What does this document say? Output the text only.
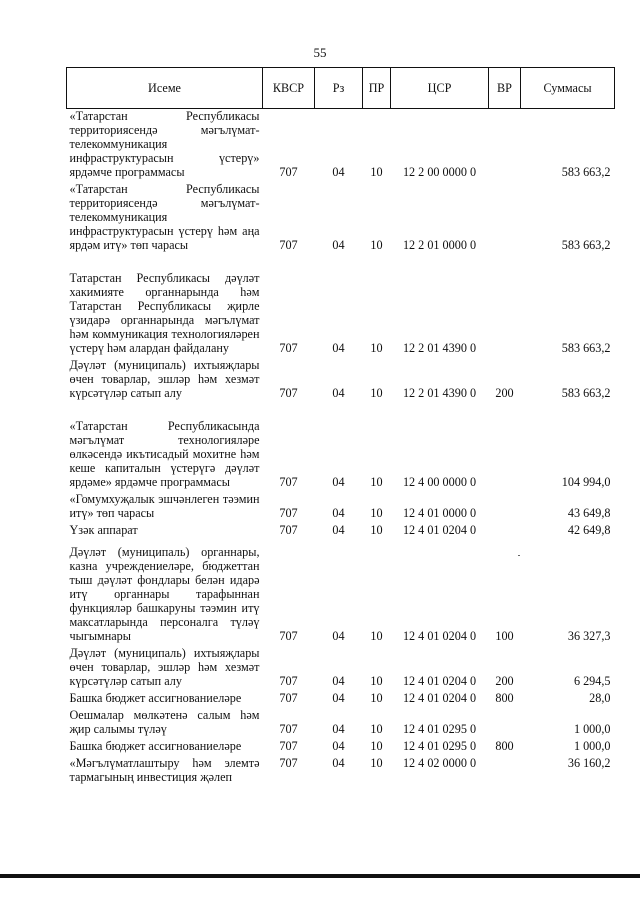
55
Исеме	КВСР	Рз	ПР	ЦСР	ВР	Суммасы
«Татарстан Республикасы территориясендә мәгълүмат-телекоммуникация инфраструктурасын үстерү» ярдәмче программасы	707	04	10	12 2 00 0000 0		583 663,2
«Татарстан Республикасы территориясендә мәгълүмат-телекоммуникация инфраструктурасын үстерү һәм аңа ярдәм итү» төп чарасы	707	04	10	12 2 01 0000 0		583 663,2
Татарстан Республикасы дәүләт хакимияте органнарында һәм Татарстан Республикасы җирле үзидарә органнарында мәгълүмат һәм коммуникация технологияләрен үстерү һәм алардан файдалану	707	04	10	12 2 01 4390 0		583 663,2
Дәүләт (муниципаль) ихтыяҗлары өчен товарлар, эшләр һәм хезмәт күрсәтүләр сатып алу	707	04	10	12 2 01 4390 0	200	583 663,2
«Татарстан Республикасында мәгълүмат технологияләре өлкәсендә икътисадый мохитне һәм кеше капиталын үстерүгә дәүләт ярдәме» ярдәмче программасы	707	04	10	12 4 00 0000 0		104 994,0
«Гомумхуҗалык эшчәнлеген тәэмин итү» төп чарасы	707	04	10	12 4 01 0000 0		43 649,8
Үзәк аппарат	707	04	10	12 4 01 0204 0		42 649,8
Дәүләт (муниципаль) органнары, казна учреждениеләре, бюджеттан тыш дәүләт фондлары белән идарә итү органнары тарафыннан функцияләр башкаруны тәэмин итү максатларында персоналга түләү чыгымнары	707	04	10	12 4 01 0204 0	100	36 327,3
Дәүләт (муниципаль) ихтыяҗлары өчен товарлар, эшләр һәм хезмәт күрсәтүләр сатып алу	707	04	10	12 4 01 0204 0	200	6 294,5
Башка бюджет ассигнованиеләре	707	04	10	12 4 01 0204 0	800	28,0
Оешмалар мөлкәтенә салым һәм җир салымы түләү	707	04	10	12 4 01 0295 0		1 000,0
Башка бюджет ассигнованиеләре	707	04	10	12 4 01 0295 0	800	1 000,0
«Мәгълүматлаштыру һәм элемтә тармагының инвестиция җәлеп	707	04	10	12 4 02 0000 0		36 160,2
